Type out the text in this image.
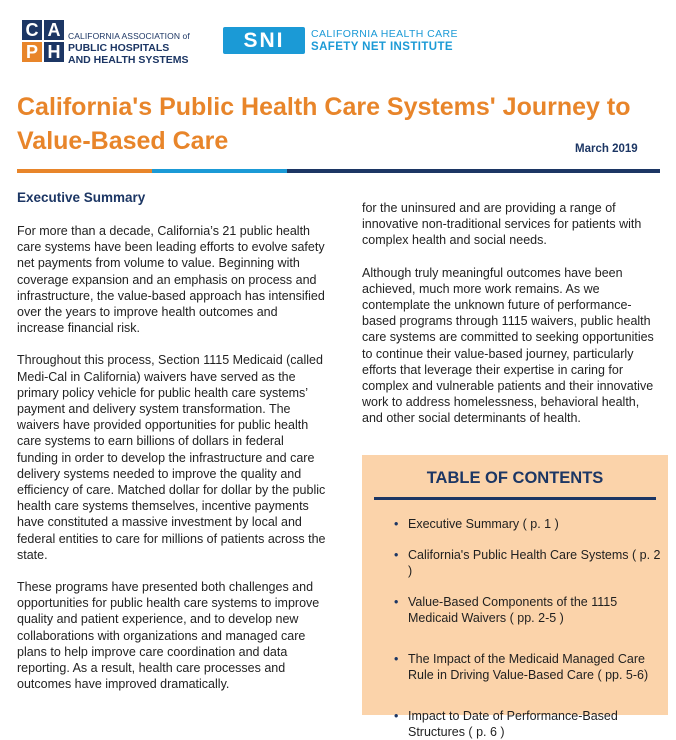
C A
P H
CALIFORNIA ASSOCIATION of
PUBLIC HOSPITALS
AND HEALTH SYSTEMS
SNI	CALIFORNIA HEALTH CARE
SAFETY NET INSTITUTE
California's Public Health Care Systems' Journey to Value-Based Care	March 2019
Executive Summary

For more than a decade, California’s 21 public health care systems have been leading efforts to evolve safety net payments from volume to value. Beginning with coverage expansion and an emphasis on process and infrastructure, the value-based approach has intensified over the years to improve health outcomes and increase financial risk.

Throughout this process, Section 1115 Medicaid (called Medi-Cal in California) waivers have served as the primary policy vehicle for public health care systems’ payment and delivery system transformation. The waivers have provided opportunities for public health care systems to earn billions of dollars in federal funding in order to develop the infrastructure and care delivery systems needed to improve the quality and efficiency of care. Matched dollar for dollar by the public health care systems themselves, incentive payments have constituted a massive investment by local and federal entities to care for millions of patients across the state.

These programs have presented both challenges and opportunities for public health care systems to improve quality and patient experience, and to develop new collaborations with organizations and managed care plans to help improve care coordination and data reporting. As a result, health care processes and outcomes have improved dramatically.

for the uninsured and are providing a range of innovative non-traditional services for patients with complex health and social needs.

Although truly meaningful outcomes have been achieved, much more work remains. As we contemplate the unknown future of performance-based programs through 1115 waivers, public health care systems are committed to seeking opportunities to continue their value-based journey, particularly efforts that leverage their expertise in caring for complex and vulnerable patients and their innovative work to address homelessness, behavioral health, and other social determinants of health.

TABLE OF CONTENTS
• Executive Summary ( p. 1 )
• California's Public Health Care Systems ( p. 2 )
• Value-Based Components of the 1115 Medicaid Waivers ( pp. 2-5 )
• The Impact of the Medicaid Managed Care Rule in Driving Value-Based Care ( pp. 5-6)
• Impact to Date of Performance-Based Structures ( p. 6 )
